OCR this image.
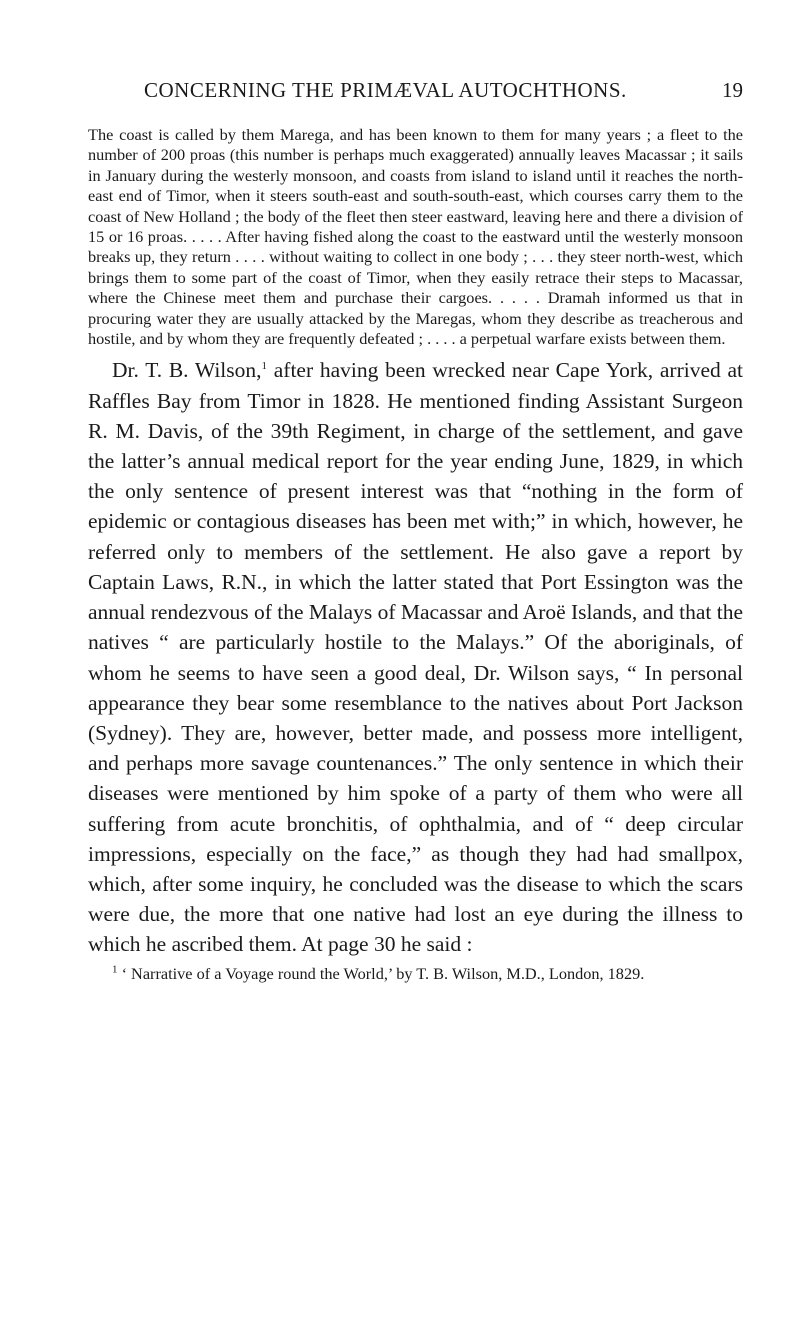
CONCERNING THE PRIMÆVAL AUTOCHTHONS.	19

The coast is called by them Marega, and has been known to them for many years ; a fleet to the number of 200 proas (this number is perhaps much exaggerated) annually leaves Macassar ; it sails in January during the westerly monsoon, and coasts from island to island until it reaches the north-east end of Timor, when it steers south-east and south-south-east, which courses carry them to the coast of New Holland ; the body of the fleet then steer eastward, leaving here and there a division of 15 or 16 proas. . . . . After having fished along the coast to the eastward until the westerly monsoon breaks up, they return . . . . without waiting to collect in one body ; . . . they steer north-west, which brings them to some part of the coast of Timor, when they easily retrace their steps to Macassar, where the Chinese meet them and purchase their cargoes. . . . . Dramah informed us that in procuring water they are usually attacked by the Maregas, whom they describe as treacherous and hostile, and by whom they are frequently defeated ; . . . . a perpetual warfare exists between them.

Dr. T. B. Wilson,$^1$ after having been wrecked near Cape York, arrived at Raffles Bay from Timor in 1828. He mentioned finding Assistant Surgeon R. M. Davis, of the 39th Regiment, in charge of the settlement, and gave the latter’s annual medical report for the year ending June, 1829, in which the only sentence of present interest was that “nothing in the form of epidemic or contagious diseases has been met with;” in which, however, he referred only to members of the settlement. He also gave a report by Captain Laws, R.N., in which the latter stated that Port Essington was the annual rendezvous of the Malays of Macassar and Aroë Islands, and that the natives “ are particularly hostile to the Malays.” Of the aboriginals, of whom he seems to have seen a good deal, Dr. Wilson says, “ In personal appearance they bear some resemblance to the natives about Port Jackson (Sydney). They are, however, better made, and possess more intelligent, and perhaps more savage countenances.” The only sentence in which their diseases were mentioned by him spoke of a party of them who were all suffering from acute bronchitis, of ophthalmia, and of “ deep circular impressions, especially on the face,” as though they had had smallpox, which, after some inquiry, he concluded was the disease to which the scars were due, the more that one native had lost an eye during the illness to which he ascribed them. At page 30 he said :

$^1$ ‘ Narrative of a Voyage round the World,’ by T. B. Wilson, M.D., London, 1829.
